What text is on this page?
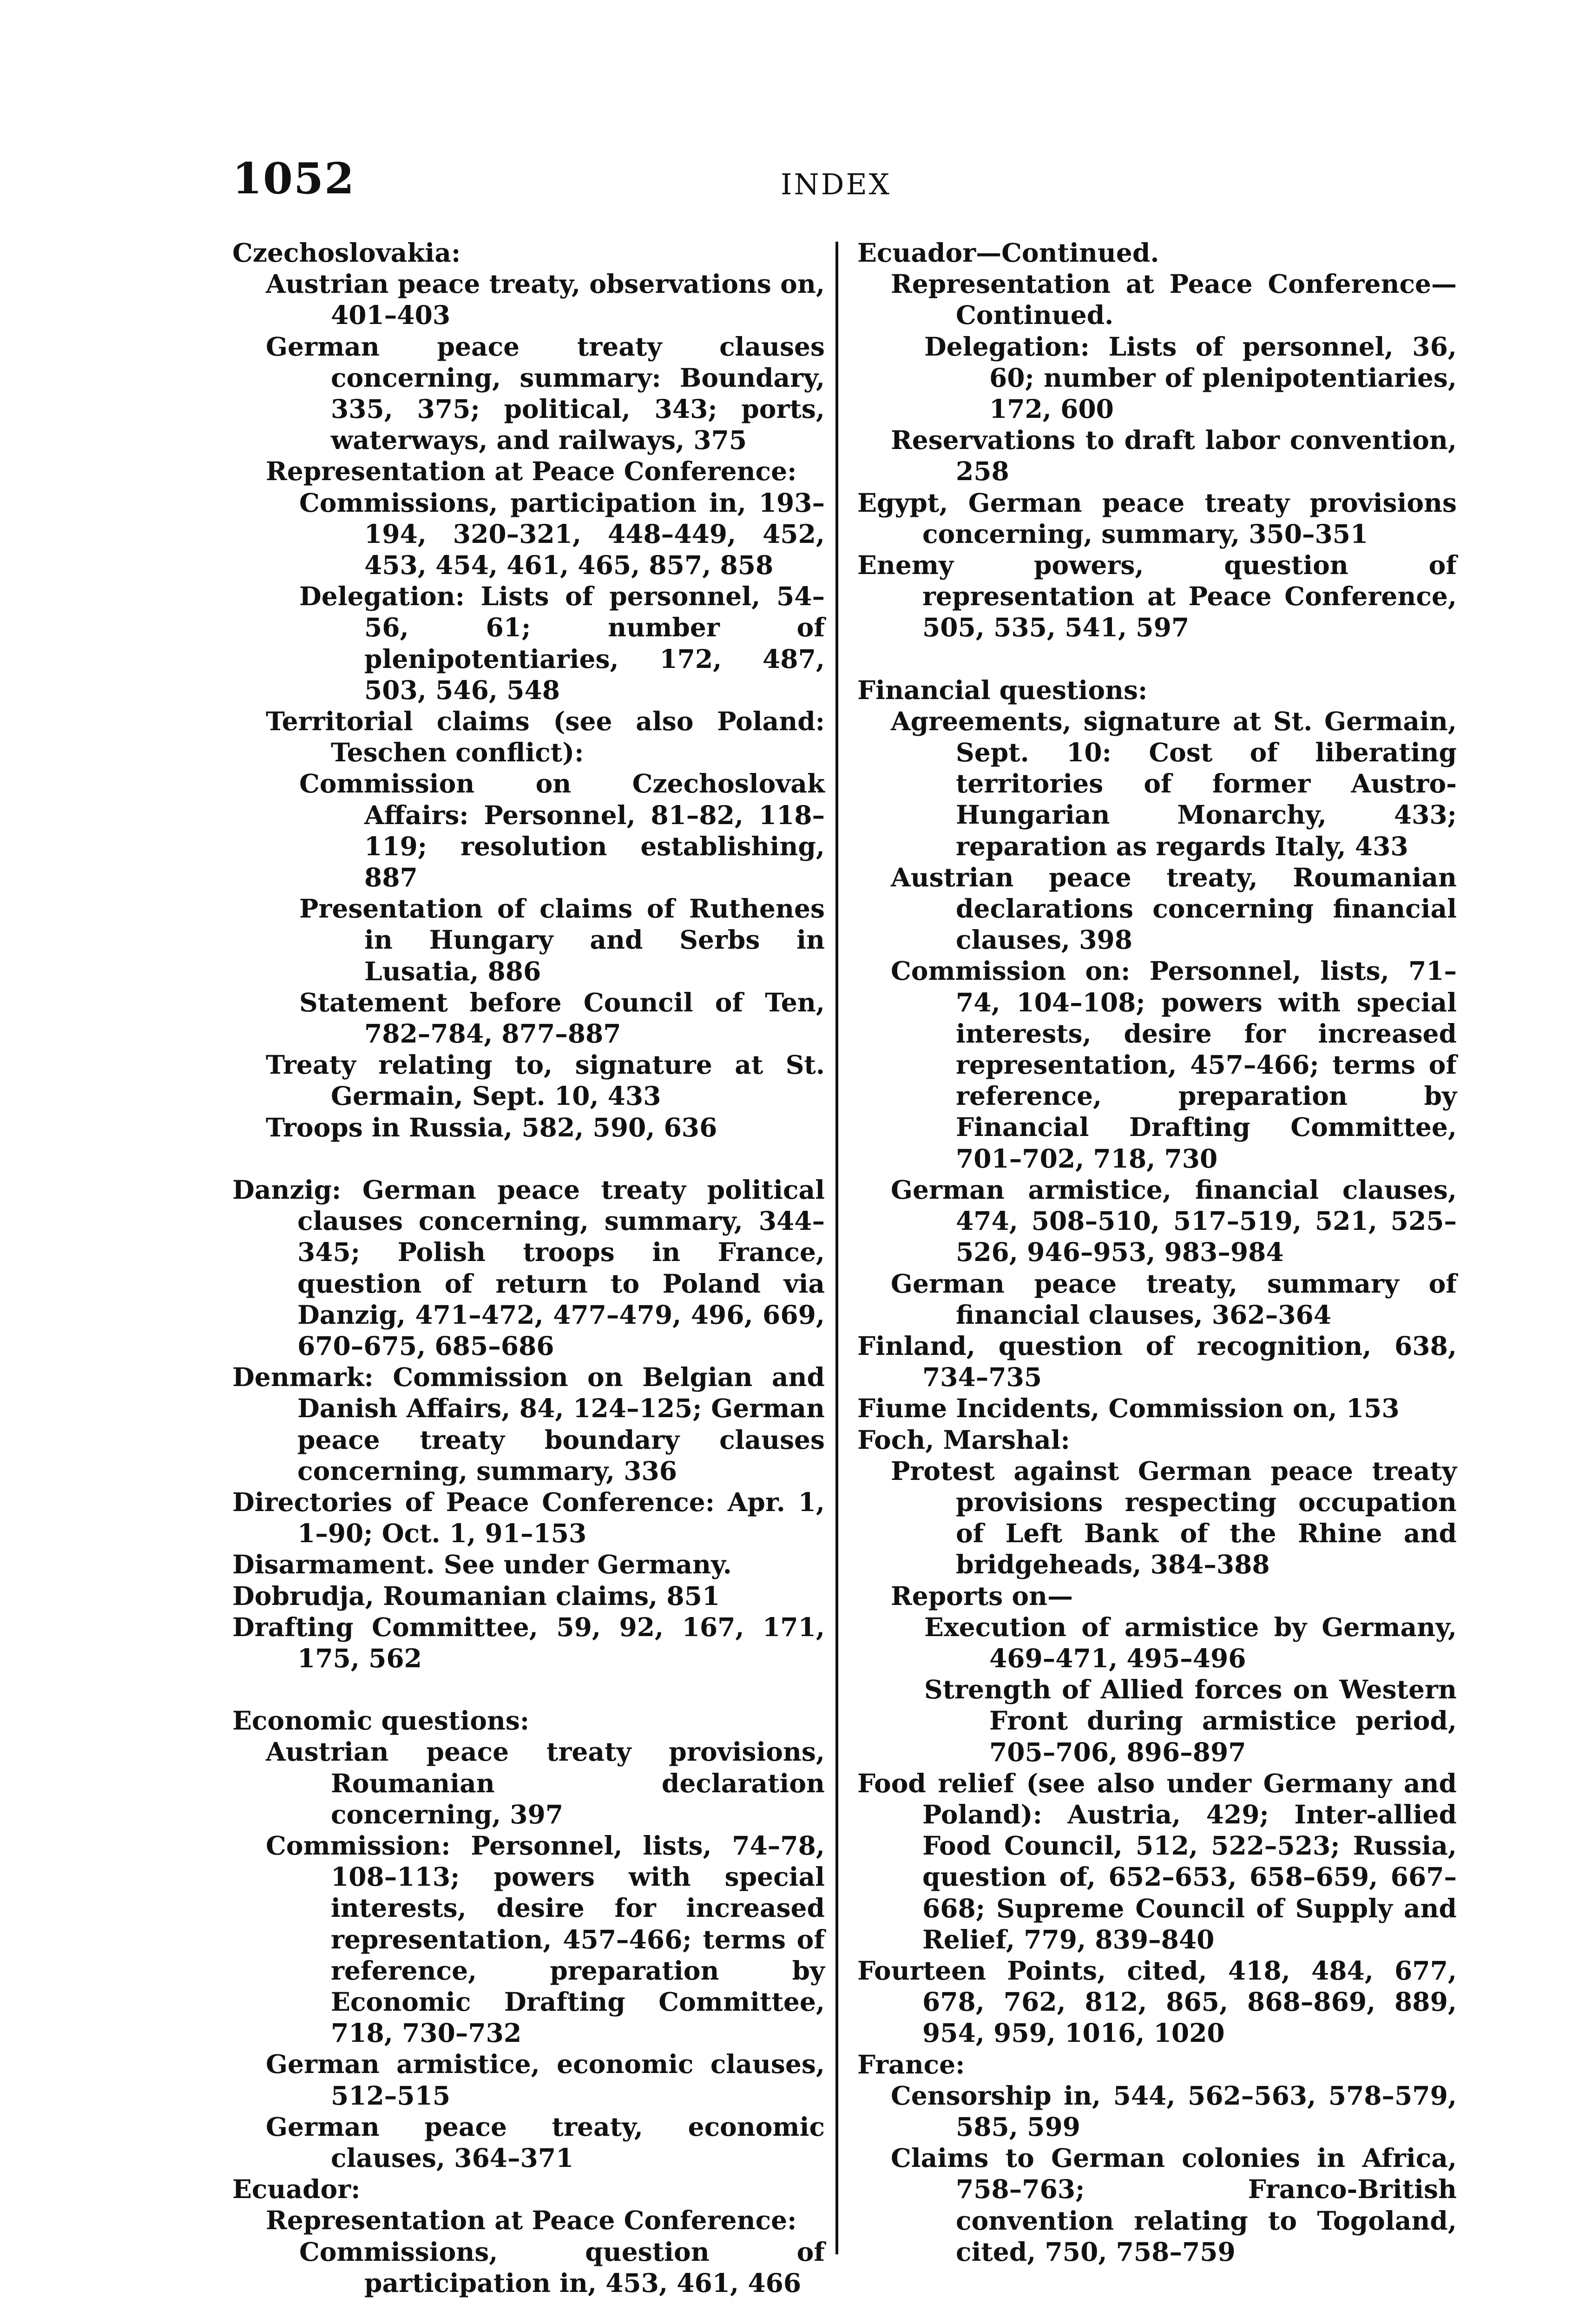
1052	INDEX
Czechoslovakia:
Austrian peace treaty, observations on, 401–403
German peace treaty clauses concerning, summary: Boundary, 335, 375; political, 343; ports, waterways, and railways, 375
Representation at Peace Conference:
Commissions, participation in, 193–194, 320–321, 448–449, 452, 453, 454, 461, 465, 857, 858
Delegation: Lists of personnel, 54–56, 61; number of plenipotentiaries, 172, 487, 503, 546, 548
Territorial claims (see also Poland: Teschen conflict):
Commission on Czechoslovak Affairs: Personnel, 81–82, 118–119; resolution establishing, 887
Presentation of claims of Ruthenes in Hungary and Serbs in Lusatia, 886
Statement before Council of Ten, 782–784, 877–887
Treaty relating to, signature at St. Germain, Sept. 10, 433
Troops in Russia, 582, 590, 636
Danzig: German peace treaty political clauses concerning, summary, 344–345; Polish troops in France, question of return to Poland via Danzig, 471–472, 477–479, 496, 669, 670–675, 685–686
Denmark: Commission on Belgian and Danish Affairs, 84, 124–125; German peace treaty boundary clauses concerning, summary, 336
Directories of Peace Conference: Apr. 1, 1–90; Oct. 1, 91–153
Disarmament. See under Germany.
Dobrudja, Roumanian claims, 851
Drafting Committee, 59, 92, 167, 171, 175, 562
Economic questions:
Austrian peace treaty provisions, Roumanian declaration concerning, 397
Commission: Personnel, lists, 74–78, 108–113; powers with special interests, desire for increased representation, 457–466; terms of reference, preparation by Economic Drafting Committee, 718, 730–732
German armistice, economic clauses, 512–515
German peace treaty, economic clauses, 364–371
Ecuador:
Representation at Peace Conference:
Commissions, question of participation in, 453, 461, 466
Ecuador—Continued.
Representation at Peace Conference—Continued.
Delegation: Lists of personnel, 36, 60; number of plenipotentiaries, 172, 600
Reservations to draft labor convention, 258
Egypt, German peace treaty provisions concerning, summary, 350–351
Enemy powers, question of representation at Peace Conference, 505, 535, 541, 597
Financial questions:
Agreements, signature at St. Germain, Sept. 10: Cost of liberating territories of former Austro-Hungarian Monarchy, 433; reparation as regards Italy, 433
Austrian peace treaty, Roumanian declarations concerning financial clauses, 398
Commission on: Personnel, lists, 71–74, 104–108; powers with special interests, desire for increased representation, 457–466; terms of reference, preparation by Financial Drafting Committee, 701–702, 718, 730
German armistice, financial clauses, 474, 508–510, 517–519, 521, 525–526, 946–953, 983–984
German peace treaty, summary of financial clauses, 362–364
Finland, question of recognition, 638, 734–735
Fiume Incidents, Commission on, 153
Foch, Marshal:
Protest against German peace treaty provisions respecting occupation of Left Bank of the Rhine and bridgeheads, 384–388
Reports on—
Execution of armistice by Germany, 469–471, 495–496
Strength of Allied forces on Western Front during armistice period, 705–706, 896–897
Food relief (see also under Germany and Poland): Austria, 429; Inter-allied Food Council, 512, 522–523; Russia, question of, 652–653, 658–659, 667–668; Supreme Council of Supply and Relief, 779, 839–840
Fourteen Points, cited, 418, 484, 677, 678, 762, 812, 865, 868–869, 889, 954, 959, 1016, 1020
France:
Censorship in, 544, 562–563, 578–579, 585, 599
Claims to German colonies in Africa, 758–763; Franco-British convention relating to Togoland, cited, 750, 758–759
